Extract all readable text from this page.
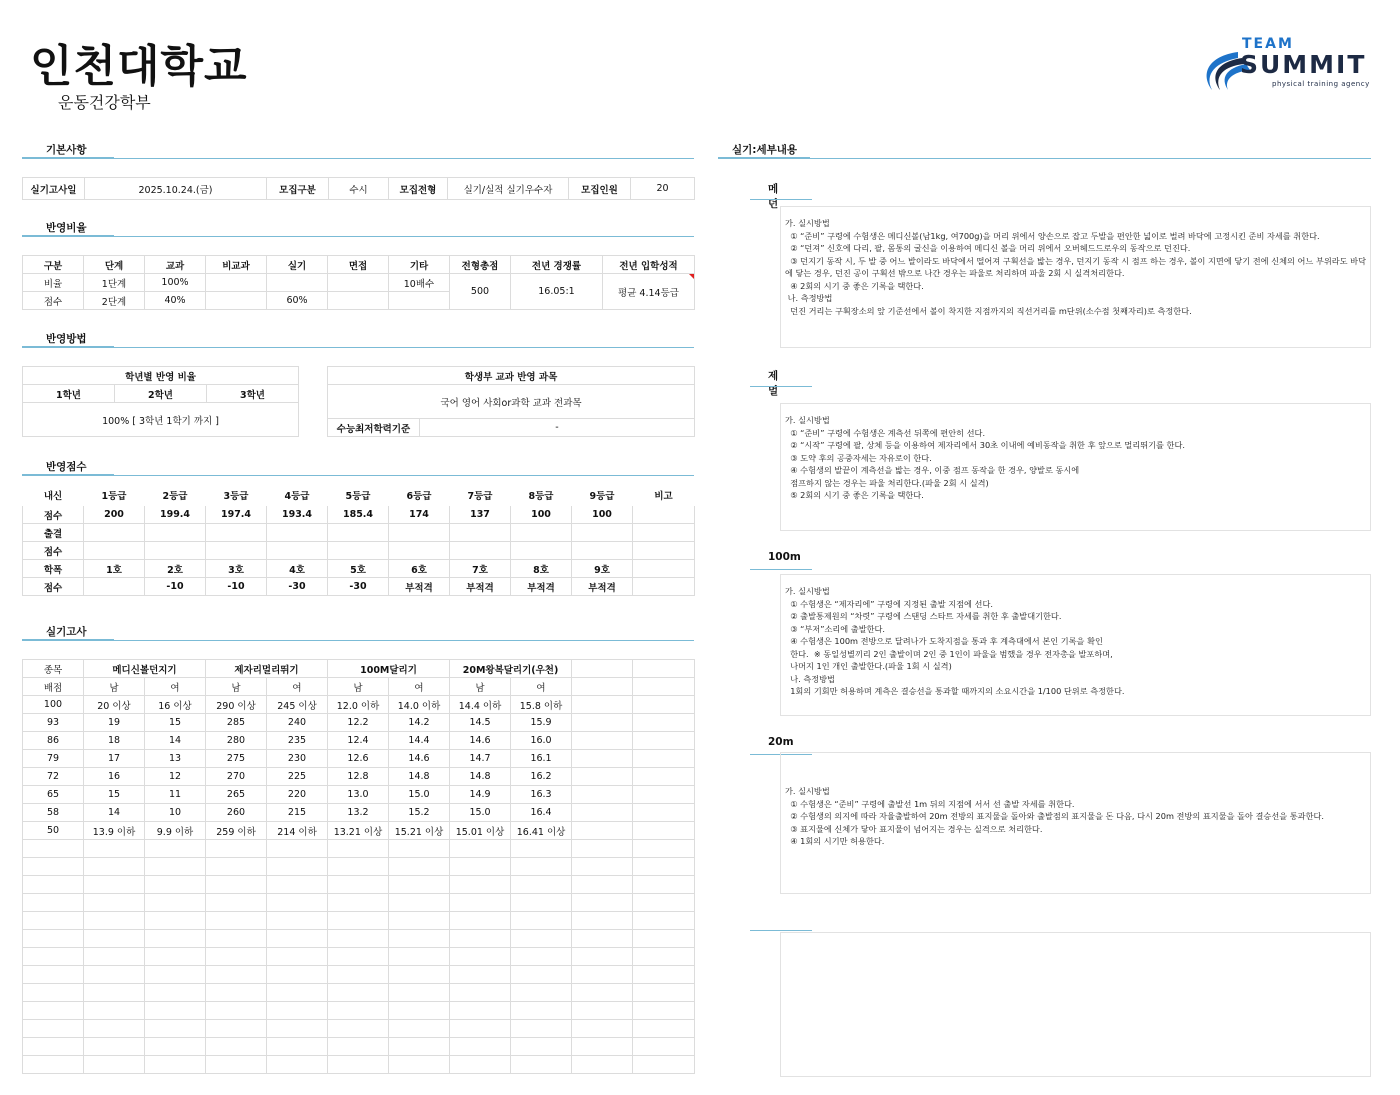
인천대학교
운동건강학부
TEAM
SUMMIT
physical training agency
기본사항
실기고사일	2025.10.24.(금)	모집구분	수시	모집전형	실기/실적 실기우수자	모집인원	20
반영비율
구분	단계	교과	비교과	실기	면접	기타	전형총점	전년 경쟁률	전년 입학성적
비율	1단계	100%				10배수	500	16.05:1	평균 4.14등급

점수	2단계	40%		60%					
반영방법
학년별 반영 비율
1학년	2학년	3학년
100% [ 3학년 1학기 까지 ]
학생부 교과 반영 과목
국어 영어 사회or과학 교과 전과목
수능최저학력기준	-
반영점수
내신	1등급	2등급	3등급	4등급	5등급	6등급	7등급	8등급	9등급	비고
점수	200	199.4	197.4	193.4	185.4	174	137	100	100	
출결										
점수										
학폭	1호	2호	3호	4호	5호	6호	7호	8호	9호	
점수		-10	-10	-30	-30	부적격	부적격	부적격	부적격	
실기고사
종목	메디신볼던지기		제자리멀리뛰기		100M달리기		20M왕복달리기(우천)			
배점	남	여	남	여	남	여	남	여		
100	20 이상	16 이상	290 이상	245 이상	12.0 이하	14.0 이하	14.4 이하	15.8 이하		
93	19	15	285	240	12.2	14.2	14.5	15.9		
86	18	14	280	235	12.4	14.4	14.6	16.0		
79	17	13	275	230	12.6	14.6	14.7	16.1		
72	16	12	270	225	12.8	14.8	14.8	16.2		
65	15	11	265	220	13.0	15.0	14.9	16.3		
58	14	10	260	215	13.2	15.2	15.0	16.4		
50	13.9 이하	9.9 이하	259 이하	214 이하	13.21 이상	15.21 이상	15.01 이상	16.41 이상		

실기:세부내용
메던
가. 실시방법
① “준비” 구령에 수험생은 메디신볼(남1kg, 여700g)을 머리 위에서 양손으로 잡고 두발을 편안한 넓이로 벌려 바닥에 고정시킨 준비 자세를 취한다.
② “던져” 신호에 다리, 팔, 몸통의 굴신을 이용하여 메디신 볼을 머리 위에서 오버헤드드로우의 동작으로 던진다.
③ 던지기 동작 시, 두 발 중 어느 발이라도 바닥에서 떨어져 구획선을 밟는 경우, 던지기 동작 시 점프 하는 경우, 볼이 지면에 닿기 전에 신체의 어느 부위라도 바닥에 닿는 경우, 던진 공이 구획선 밖으로 나간 경우는 파울로 처리하며 파울 2회 시 실격처리한다.
④ 2회의 시기 중 좋은 기록을 택한다.
나. 측정방법
던진 거리는 구획장소의 앞 기준선에서 볼이 착지한 지점까지의 직선거리를 m단위(소수점 첫째자리)로 측정한다.
제멀
가. 실시방법
① “준비” 구령에 수험생은 계측선 뒤쪽에 편안히 선다.
② “시작” 구령에 팔, 상체 등을 이용하여 제자리에서 30초 이내에 예비동작을 취한 후 앞으로 멀리뛰기를 한다.
③ 도약 후의 공중자세는 자유로이 한다.
④ 수험생의 발끝이 계측선을 밟는 경우, 이중 점프 동작을 한 경우, 양발로 동시에
점프하지 않는 경우는 파울 처리한다.(파울 2회 시 실격)
⑤ 2회의 시기 중 좋은 기록을 택한다.
100m
가. 실시방법
① 수험생은 “제자리에” 구령에 지정된 출발 지점에 선다.
② 출발통제원의 “차렷” 구령에 스탠딩 스타트 자세를 취한 후 출발대기한다.
③ “부저”소리에 출발한다.
④ 수험생은 100m 전방으로 달려나가 도착지점을 통과 후 계측대에서 본인 기록을 확인
한다.  ※ 동일성별끼리 2인 출발이며 2인 중 1인이 파울을 범했을 경우 전자총을 발포하며,
나머지 1인 개인 출발한다.(파울 1회 시 실격)
나. 측정방법
1회의 기회만 허용하며 계측은 결승선을 통과할 때까지의 소요시간을 1/100 단위로 측정한다.
20m
가. 실시방법
① 수험생은 “준비” 구령에 출발선 1m 뒤의 지점에 서서 선 출발 자세를 취한다.
② 수험생의 의지에 따라 자율출발하여 20m 전방의 표지물을 돌아와 출발점의 표지물을 돈 다음, 다시 20m 전방의 표지물을 돌아 결승선을 통과한다.
③ 표지물에 신체가 닿아 표지물이 넘어지는 경우는 실격으로 처리한다.
④ 1회의 시기만 허용한다.
